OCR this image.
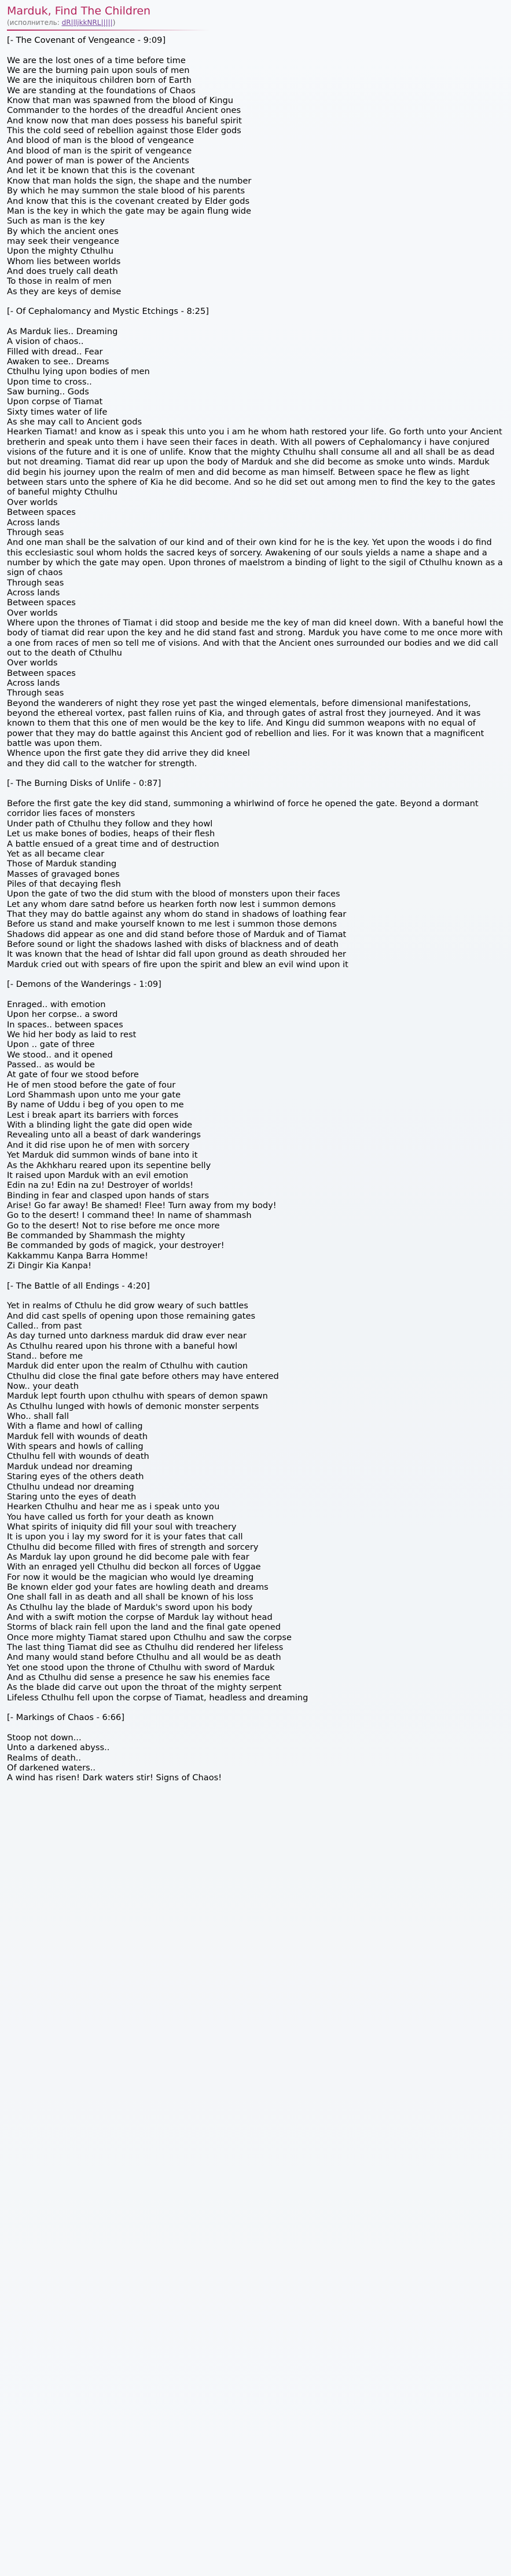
Marduk, Find The Children
(исполнитель: dR|lljkkNRL|||||)
[- The Covenant of Vengeance - 9:09]

We are the lost ones of a time before time
We are the burning pain upon souls of men
We are the iniquitous children born of Earth
We are standing at the foundations of Chaos
Know that man was spawned from the blood of Kingu
Commander to the hordes of the dreadful Ancient ones
And know now that man does possess his baneful spirit
This the cold seed of rebellion against those Elder gods
And blood of man is the blood of vengeance
And blood of man is the spirit of vengeance
And power of man is power of the Ancients
And let it be known that this is the covenant
Know that man holds the sign, the shape and the number
By which he may summon the stale blood of his parents
And know that this is the covenant created by Elder gods
Man is the key in which the gate may be again flung wide
Such as man is the key
By which the ancient ones
may seek their vengeance
Upon the mighty Cthulhu
Whom lies between worlds
And does truely call death
To those in realm of men
As they are keys of demise

[- Of Cephalomancy and Mystic Etchings - 8:25]

As Marduk lies.. Dreaming
A vision of chaos..
Filled with dread.. Fear
Awaken to see.. Dreams
Cthulhu lying upon bodies of men
Upon time to cross..
Saw burning.. Gods
Upon corpse of Tiamat
Sixty times water of life
As she may call to Ancient gods
Hearken Tiamat! and know as i speak this unto you i am he whom hath restored your life. Go forth unto your Ancient bretherin and speak unto them i have seen their faces in death. With all powers of Cephalomancy i have conjured visions of the future and it is one of unlife. Know that the mighty Cthulhu shall consume all and all shall be as dead but not dreaming. Tiamat did rear up upon the body of Marduk and she did become as smoke unto winds. Marduk did begin his journey upon the realm of men and did become as man himself. Between space he flew as light between stars unto the sphere of Kia he did become. And so he did set out among men to find the key to the gates of baneful mighty Cthulhu
Over worlds
Between spaces
Across lands
Through seas
And one man shall be the salvation of our kind and of their own kind for he is the key. Yet upon the woods i do find this ecclesiastic soul whom holds the sacred keys of sorcery. Awakening of our souls yields a name a shape and a number by which the gate may open. Upon thrones of maelstrom a binding of light to the sigil of Cthulhu known as a sign of chaos
Through seas
Across lands
Between spaces
Over worlds
Where upon the thrones of Tiamat i did stoop and beside me the key of man did kneel down. With a baneful howl the body of tiamat did rear upon the key and he did stand fast and strong. Marduk you have come to me once more with a one from races of men so tell me of visions. And with that the Ancient ones surrounded our bodies and we did call out to the death of Cthulhu
Over worlds
Between spaces
Across lands
Through seas
Beyond the wanderers of night they rose yet past the winged elementals, before dimensional manifestations, beyond the ethereal vortex, past fallen ruins of Kia, and through gates of astral frost they journeyed. And it was known to them that this one of men would be the key to life. And Kingu did summon weapons with no equal of power that they may do battle against this Ancient god of rebellion and lies. For it was known that a magnificent battle was upon them.
Whence upon the first gate they did arrive they did kneel
and they did call to the watcher for strength.

[- The Burning Disks of Unlife - 0:87]

Before the first gate the key did stand, summoning a whirlwind of force he opened the gate. Beyond a dormant corridor lies faces of monsters
Under path of Cthulhu they follow and they howl
Let us make bones of bodies, heaps of their flesh
A battle ensued of a great time and of destruction
Yet as all became clear
Those of Marduk standing
Masses of gravaged bones
Piles of that decaying flesh
Upon the gate of two the did stum with the blood of monsters upon their faces
Let any whom dare satnd before us hearken forth now lest i summon demons
That they may do battle against any whom do stand in shadows of loathing fear
Before us stand and make yourself known to me lest i summon those demons
Shadows did appear as one and did stand before those of Marduk and of Tiamat
Before sound or light the shadows lashed with disks of blackness and of death
It was known that the head of Ishtar did fall upon ground as death shrouded her
Marduk cried out with spears of fire upon the spirit and blew an evil wind upon it

[- Demons of the Wanderings - 1:09]

Enraged.. with emotion
Upon her corpse.. a sword
In spaces.. between spaces
We hid her body as laid to rest
Upon .. gate of three
We stood.. and it opened
Passed.. as would be
At gate of four we stood before
He of men stood before the gate of four
Lord Shammash upon unto me your gate
By name of Uddu i beg of you open to me
Lest i break apart its barriers with forces
With a blinding light the gate did open wide
Revealing unto all a beast of dark wanderings
And it did rise upon he of men with sorcery
Yet Marduk did summon winds of bane into it
As the Akhkharu reared upon its sepentine belly
It raised upon Marduk with an evil emotion
Edin na zu! Edin na zu! Destroyer of worlds!
Binding in fear and clasped upon hands of stars
Arise! Go far away! Be shamed! Flee! Turn away from my body!
Go to the desert! I command thee! In name of shammash
Go to the desert! Not to rise before me once more
Be commanded by Shammash the mighty
Be commanded by gods of magick, your destroyer!
Kakkammu Kanpa Barra Homme!
Zi Dingir Kia Kanpa!

[- The Battle of all Endings - 4:20]

Yet in realms of Cthulu he did grow weary of such battles
And did cast spells of opening upon those remaining gates
Called.. from past
As day turned unto darkness marduk did draw ever near
As Cthulhu reared upon his throne with a baneful howl
Stand.. before me
Marduk did enter upon the realm of Cthulhu with caution
Cthulhu did close the final gate before others may have entered
Now.. your death
Marduk lept fourth upon cthulhu with spears of demon spawn
As Cthulhu lunged with howls of demonic monster serpents
Who.. shall fall
With a flame and howl of calling
Marduk fell with wounds of death
With spears and howls of calling
Cthulhu fell with wounds of death
Marduk undead nor dreaming
Staring eyes of the others death
Cthulhu undead nor dreaming
Staring unto the eyes of death
Hearken Cthulhu and hear me as i speak unto you
You have called us forth for your death as known
What spirits of iniquity did fill your soul with treachery
It is upon you i lay my sword for it is your fates that call
Cthulhu did become filled with fires of strength and sorcery
As Marduk lay upon ground he did become pale with fear
With an enraged yell Cthulhu did beckon all forces of Uggae
For now it would be the magician who would lye dreaming
Be known elder god your fates are howling death and dreams
One shall fall in as death and all shall be known of his loss
As Cthulhu lay the blade of Marduk's sword upon his body
And with a swift motion the corpse of Marduk lay without head
Storms of black rain fell upon the land and the final gate opened
Once more mighty Tiamat stared upon Cthulhu and saw the corpse
The last thing Tiamat did see as Cthulhu did rendered her lifeless
And many would stand before Cthulhu and all would be as death
Yet one stood upon the throne of Cthulhu with sword of Marduk
And as Cthulhu did sense a presence he saw his enemies face
As the blade did carve out upon the throat of the mighty serpent
Lifeless Cthulhu fell upon the corpse of Tiamat, headless and dreaming

[- Markings of Chaos - 6:66]

Stoop not down...
Unto a darkened abyss..
Realms of death..
Of darkened waters..
A wind has risen! Dark waters stir! Signs of Chaos!
